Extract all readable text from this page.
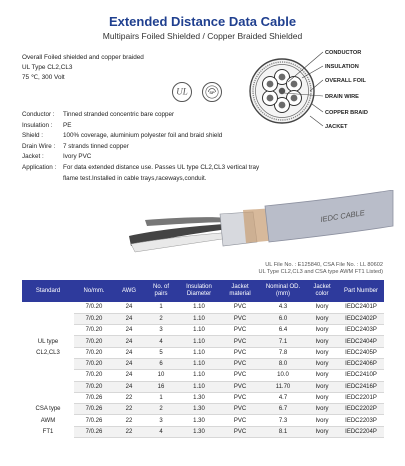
Extended Distance Data Cable
Multipairs Foiled Shielded / Copper Braided Shielded
Overall Foiled shielded and copper braided
UL Type CL2,CL3
75 ℃, 300 Volt
UL	SP
CONDUCTOR
INSULATION
OVERALL FOIL
DRAIN WIRE
COPPER BRAID
JACKET
Conductor :	Tinned stranded concentric bare copper
Insulation :	PE
Shield :	100% coverage, aluminium polyester foil and braid shield
Drain Wire :	7 strands tinned copper
Jacket :	Ivory PVC
Application :	For data extended distance use. Passes UL type CL2,CL3 vertical tray flame test.Installed in cable trays,raceways,conduit.
IEDC CABLE
UL File No. : E125840, CSA File No. : LL 80602
UL Type CL2,CL3 and CSA type AWM FT1 Listed)
Standard	No/mm.	AWG	No. of pairs	Insulation Diameter	Jacket material	Nominal OD.(mm)	Jacket color	Part Number
	7/0.20	24	1	1.10	PVC	4.3	Ivory	IEDC2401P
	7/0.20	24	2	1.10	PVC	6.0	Ivory	IEDC2402P
	7/0.20	24	3	1.10	PVC	6.4	Ivory	IEDC2403P
UL type	7/0.20	24	4	1.10	PVC	7.1	Ivory	IEDC2404P
CL2,CL3	7/0.20	24	5	1.10	PVC	7.8	Ivory	IEDC2405P
	7/0.20	24	6	1.10	PVC	8.0	Ivory	IEDC2406P
	7/0.20	24	10	1.10	PVC	10.0	Ivory	IEDC2410P
	7/0.20	24	16	1.10	PVC	11.70	Ivory	IEDC2416P
	7/0.26	22	1	1.30	PVC	4.7	Ivory	IEDC2201P
CSA type	7/0.26	22	2	1.30	PVC	6.7	Ivory	IEDC2202P
AWM	7/0.26	22	3	1.30	PVC	7.3	Ivory	IEDC2203P
FT1	7/0.26	22	4	1.30	PVC	8.1	Ivory	IEDC2204P
